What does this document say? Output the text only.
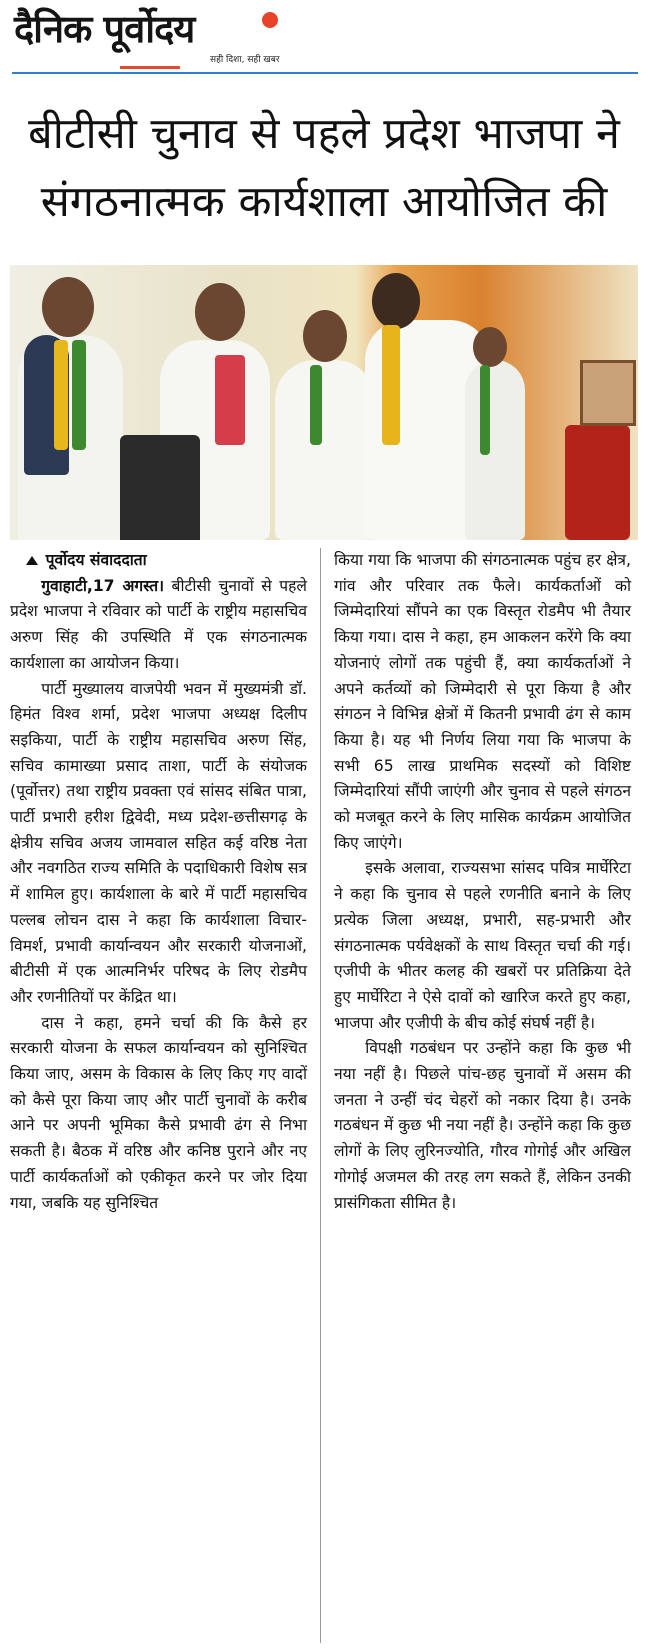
दैनिक पूर्वोदय
सही दिशा, सही खबर
बीटीसी चुनाव से पहले प्रदेश भाजपा ने
संगठनात्मक कार्यशाला आयोजित की

पूर्वोदय संवाददाता

गुवाहाटी,17 अगस्त। बीटीसी चुनावों से पहले प्रदेश भाजपा ने रविवार को पार्टी के राष्ट्रीय महासचिव अरुण सिंह की उपस्थिति में एक संगठनात्मक कार्यशाला का आयोजन किया।

पार्टी मुख्यालय वाजपेयी भवन में मुख्यमंत्री डॉ. हिमंत विश्व शर्मा, प्रदेश भाजपा अध्यक्ष दिलीप सइकिया, पार्टी के राष्ट्रीय महासचिव अरुण सिंह, सचिव कामाख्या प्रसाद ताशा, पार्टी के संयोजक (पूर्वोत्तर) तथा राष्ट्रीय प्रवक्ता एवं सांसद संबित पात्रा, पार्टी प्रभारी हरीश द्विवेदी, मध्य प्रदेश-छत्तीसगढ़ के क्षेत्रीय सचिव अजय जामवाल सहित कई वरिष्ठ नेता और नवगठित राज्य समिति के पदाधिकारी विशेष सत्र में शामिल हुए। कार्यशाला के बारे में पार्टी महासचिव पल्लब लोचन दास ने कहा कि कार्यशाला विचार-विमर्श, प्रभावी कार्यान्वयन और सरकारी योजनाओं, बीटीसी में एक आत्मनिर्भर परिषद के लिए रोडमैप और रणनीतियों पर केंद्रित था।

दास ने कहा, हमने चर्चा की कि कैसे हर सरकारी योजना के सफल कार्यान्वयन को सुनिश्चित किया जाए, असम के विकास के लिए किए गए वादों को कैसे पूरा किया जाए और पार्टी चुनावों के करीब आने पर अपनी भूमिका कैसे प्रभावी ढंग से निभा सकती है। बैठक में वरिष्ठ और कनिष्ठ पुराने और नए पार्टी कार्यकर्ताओं को एकीकृत करने पर जोर दिया गया, जबकि यह सुनिश्चित

किया गया कि भाजपा की संगठनात्मक पहुंच हर क्षेत्र, गांव और परिवार तक फैले। कार्यकर्ताओं को जिम्मेदारियां सौंपने का एक विस्तृत रोडमैप भी तैयार किया गया। दास ने कहा, हम आकलन करेंगे कि क्या योजनाएं लोगों तक पहुंची हैं, क्या कार्यकर्ताओं ने अपने कर्तव्यों को जिम्मेदारी से पूरा किया है और संगठन ने विभिन्न क्षेत्रों में कितनी प्रभावी ढंग से काम किया है। यह भी निर्णय लिया गया कि भाजपा के सभी 65 लाख प्राथमिक सदस्यों को विशिष्ट जिम्मेदारियां सौंपी जाएंगी और चुनाव से पहले संगठन को मजबूत करने के लिए मासिक कार्यक्रम आयोजित किए जाएंगे।

इसके अलावा, राज्यसभा सांसद पवित्र मार्घेरिटा ने कहा कि चुनाव से पहले रणनीति बनाने के लिए प्रत्येक जिला अध्यक्ष, प्रभारी, सह-प्रभारी और संगठनात्मक पर्यवेक्षकों के साथ विस्तृत चर्चा की गई। एजीपी के भीतर कलह की खबरों पर प्रतिक्रिया देते हुए मार्घेरिटा ने ऐसे दावों को खारिज करते हुए कहा, भाजपा और एजीपी के बीच कोई संघर्ष नहीं है।

विपक्षी गठबंधन पर उन्होंने कहा कि कुछ भी नया नहीं है। पिछले पांच-छह चुनावों में असम की जनता ने उन्हीं चंद चेहरों को नकार दिया है। उनके गठबंधन में कुछ भी नया नहीं है। उन्होंने कहा कि कुछ लोगों के लिए लुरिनज्योति, गौरव गोगोई और अखिल गोगोई अजमल की तरह लग सकते हैं, लेकिन उनकी प्रासंगिकता सीमित है।
